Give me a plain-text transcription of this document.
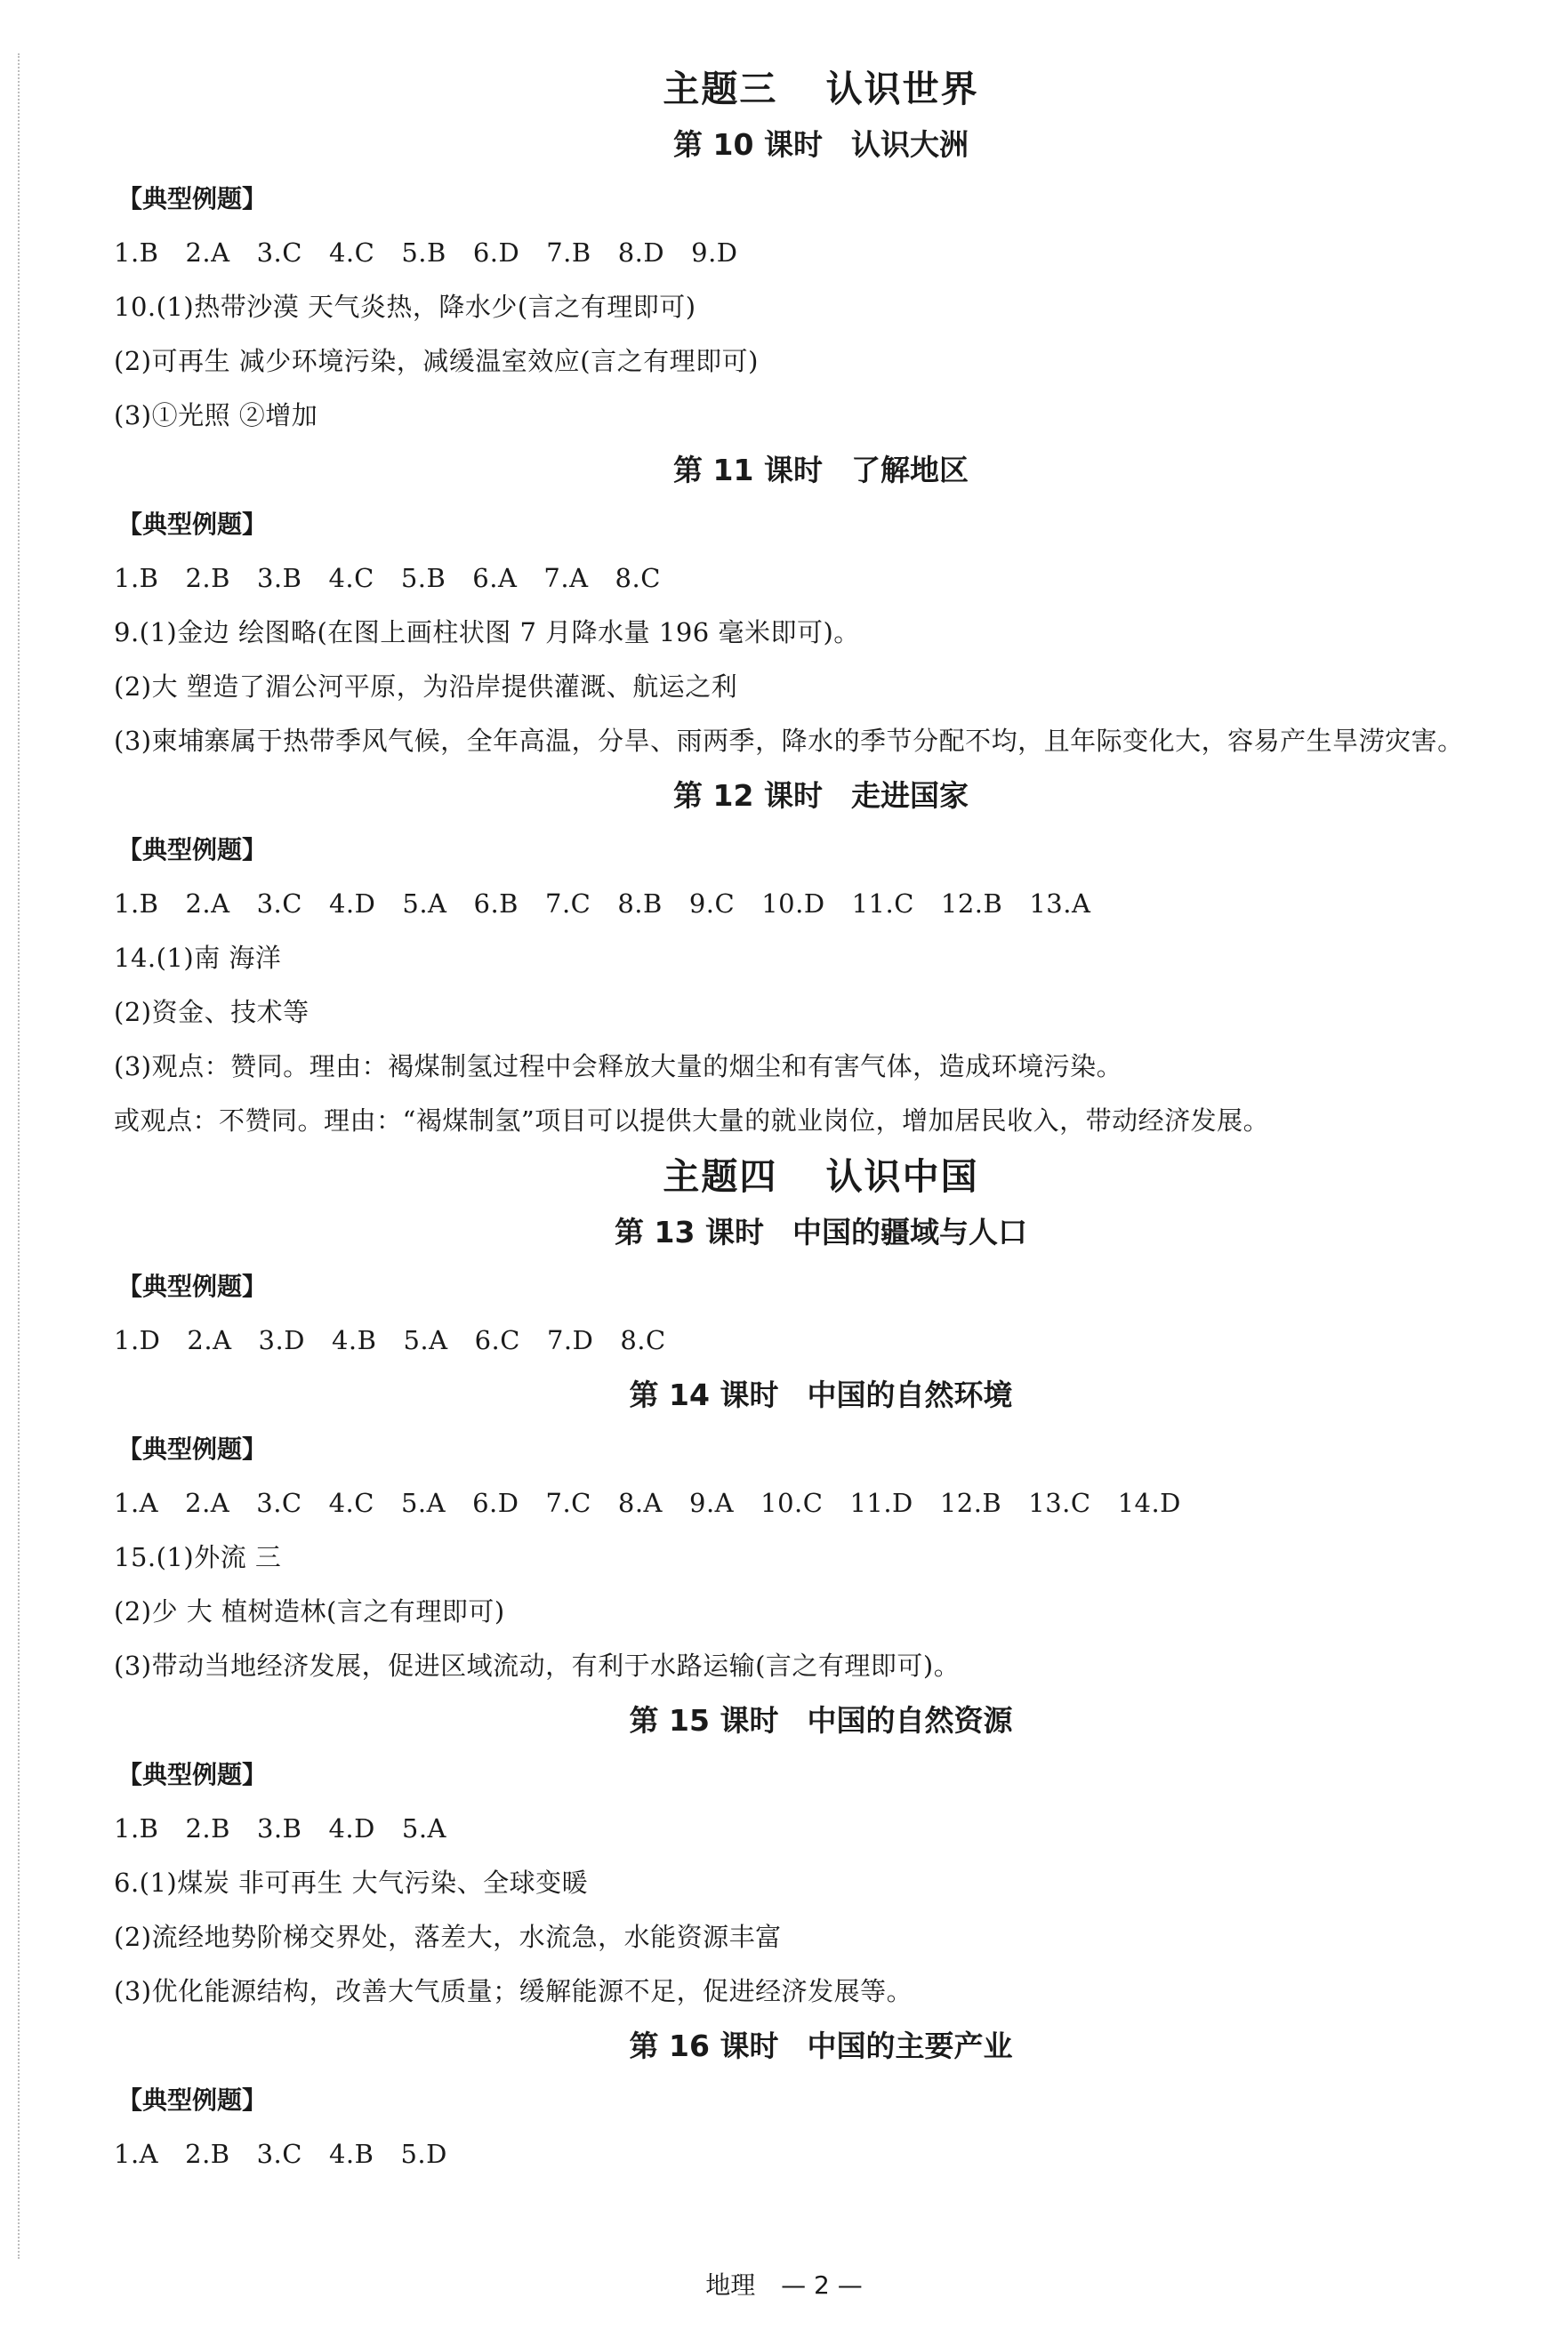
主题三 认识世界
第 10 课时 认识大洲
【典型例题】
1.B 2.A 3.C 4.C 5.B 6.D 7.B 8.D 9.D
10.(1)热带沙漠 天气炎热，降水少(言之有理即可)
(2)可再生 减少环境污染，减缓温室效应(言之有理即可)
(3)①光照 ②增加
第 11 课时 了解地区
【典型例题】
1.B 2.B 3.B 4.C 5.B 6.A 7.A 8.C
9.(1)金边 绘图略(在图上画柱状图 7 月降水量 196 毫米即可)。
(2)大 塑造了湄公河平原，为沿岸提供灌溉、航运之利
(3)柬埔寨属于热带季风气候，全年高温，分旱、雨两季，降水的季节分配不均，且年际变化大，容易产生旱涝灾害。
第 12 课时 走进国家
【典型例题】
1.B 2.A 3.C 4.D 5.A 6.B 7.C 8.B 9.C 10.D 11.C 12.B 13.A
14.(1)南 海洋
(2)资金、技术等
(3)观点：赞同。理由：褐煤制氢过程中会释放大量的烟尘和有害气体，造成环境污染。
或观点：不赞同。理由：“褐煤制氢”项目可以提供大量的就业岗位，增加居民收入，带动经济发展。
主题四 认识中国
第 13 课时 中国的疆域与人口
【典型例题】
1.D 2.A 3.D 4.B 5.A 6.C 7.D 8.C
第 14 课时 中国的自然环境
【典型例题】
1.A 2.A 3.C 4.C 5.A 6.D 7.C 8.A 9.A 10.C 11.D 12.B 13.C 14.D
15.(1)外流 三
(2)少 大 植树造林(言之有理即可)
(3)带动当地经济发展，促进区域流动，有利于水路运输(言之有理即可)。
第 15 课时 中国的自然资源
【典型例题】
1.B 2.B 3.B 4.D 5.A
6.(1)煤炭 非可再生 大气污染、全球变暖
(2)流经地势阶梯交界处，落差大，水流急，水能资源丰富
(3)优化能源结构，改善大气质量；缓解能源不足，促进经济发展等。
第 16 课时 中国的主要产业
【典型例题】
1.A 2.B 3.C 4.B 5.D
地理 — 2 —
